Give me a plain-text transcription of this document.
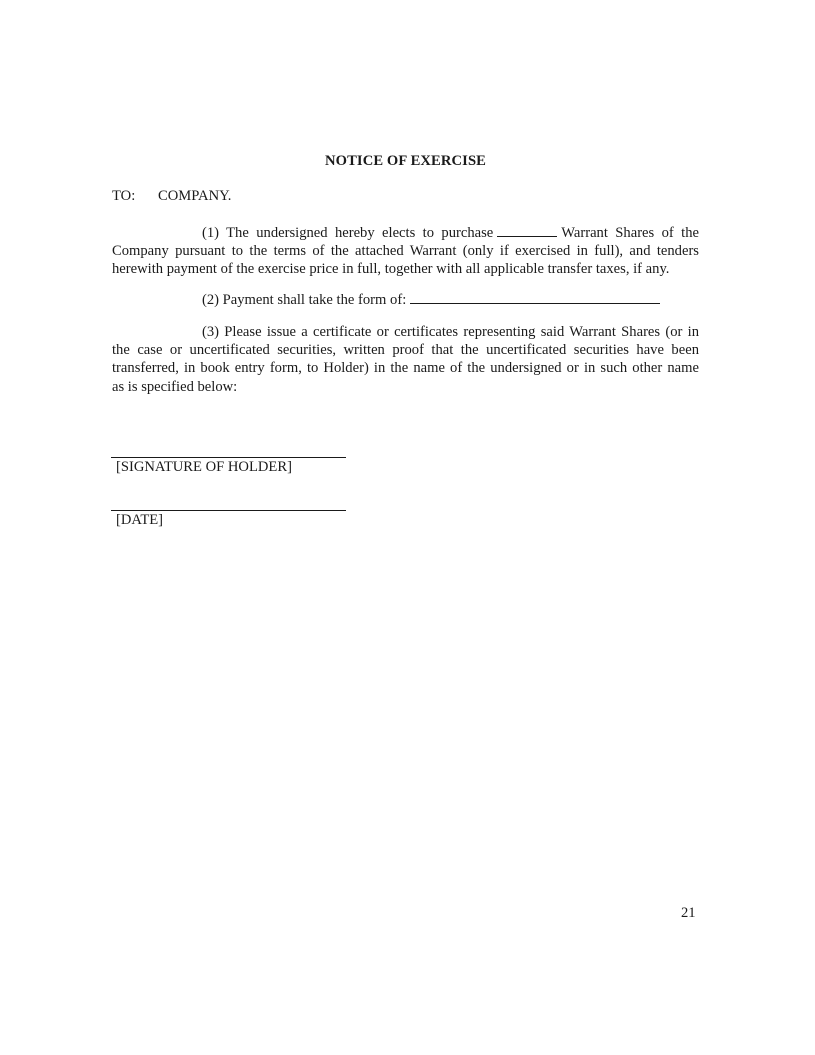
NOTICE OF EXERCISE
TO: COMPANY.
(1) The undersigned hereby elects to purchase	Warrant Shares of the
Company pursuant to the terms of the attached Warrant (only if exercised in full), and tenders
herewith payment of the exercise price in full, together with all applicable transfer taxes, if any.
(2) Payment shall take the form of:
(3) Please issue a certificate or certificates representing said Warrant Shares (or in
the case or uncertificated securities, written proof that the uncertificated securities have been
transferred, in book entry form, to Holder) in the name of the undersigned or in such other name
as is specified below:
[SIGNATURE OF HOLDER]
[DATE]
21
